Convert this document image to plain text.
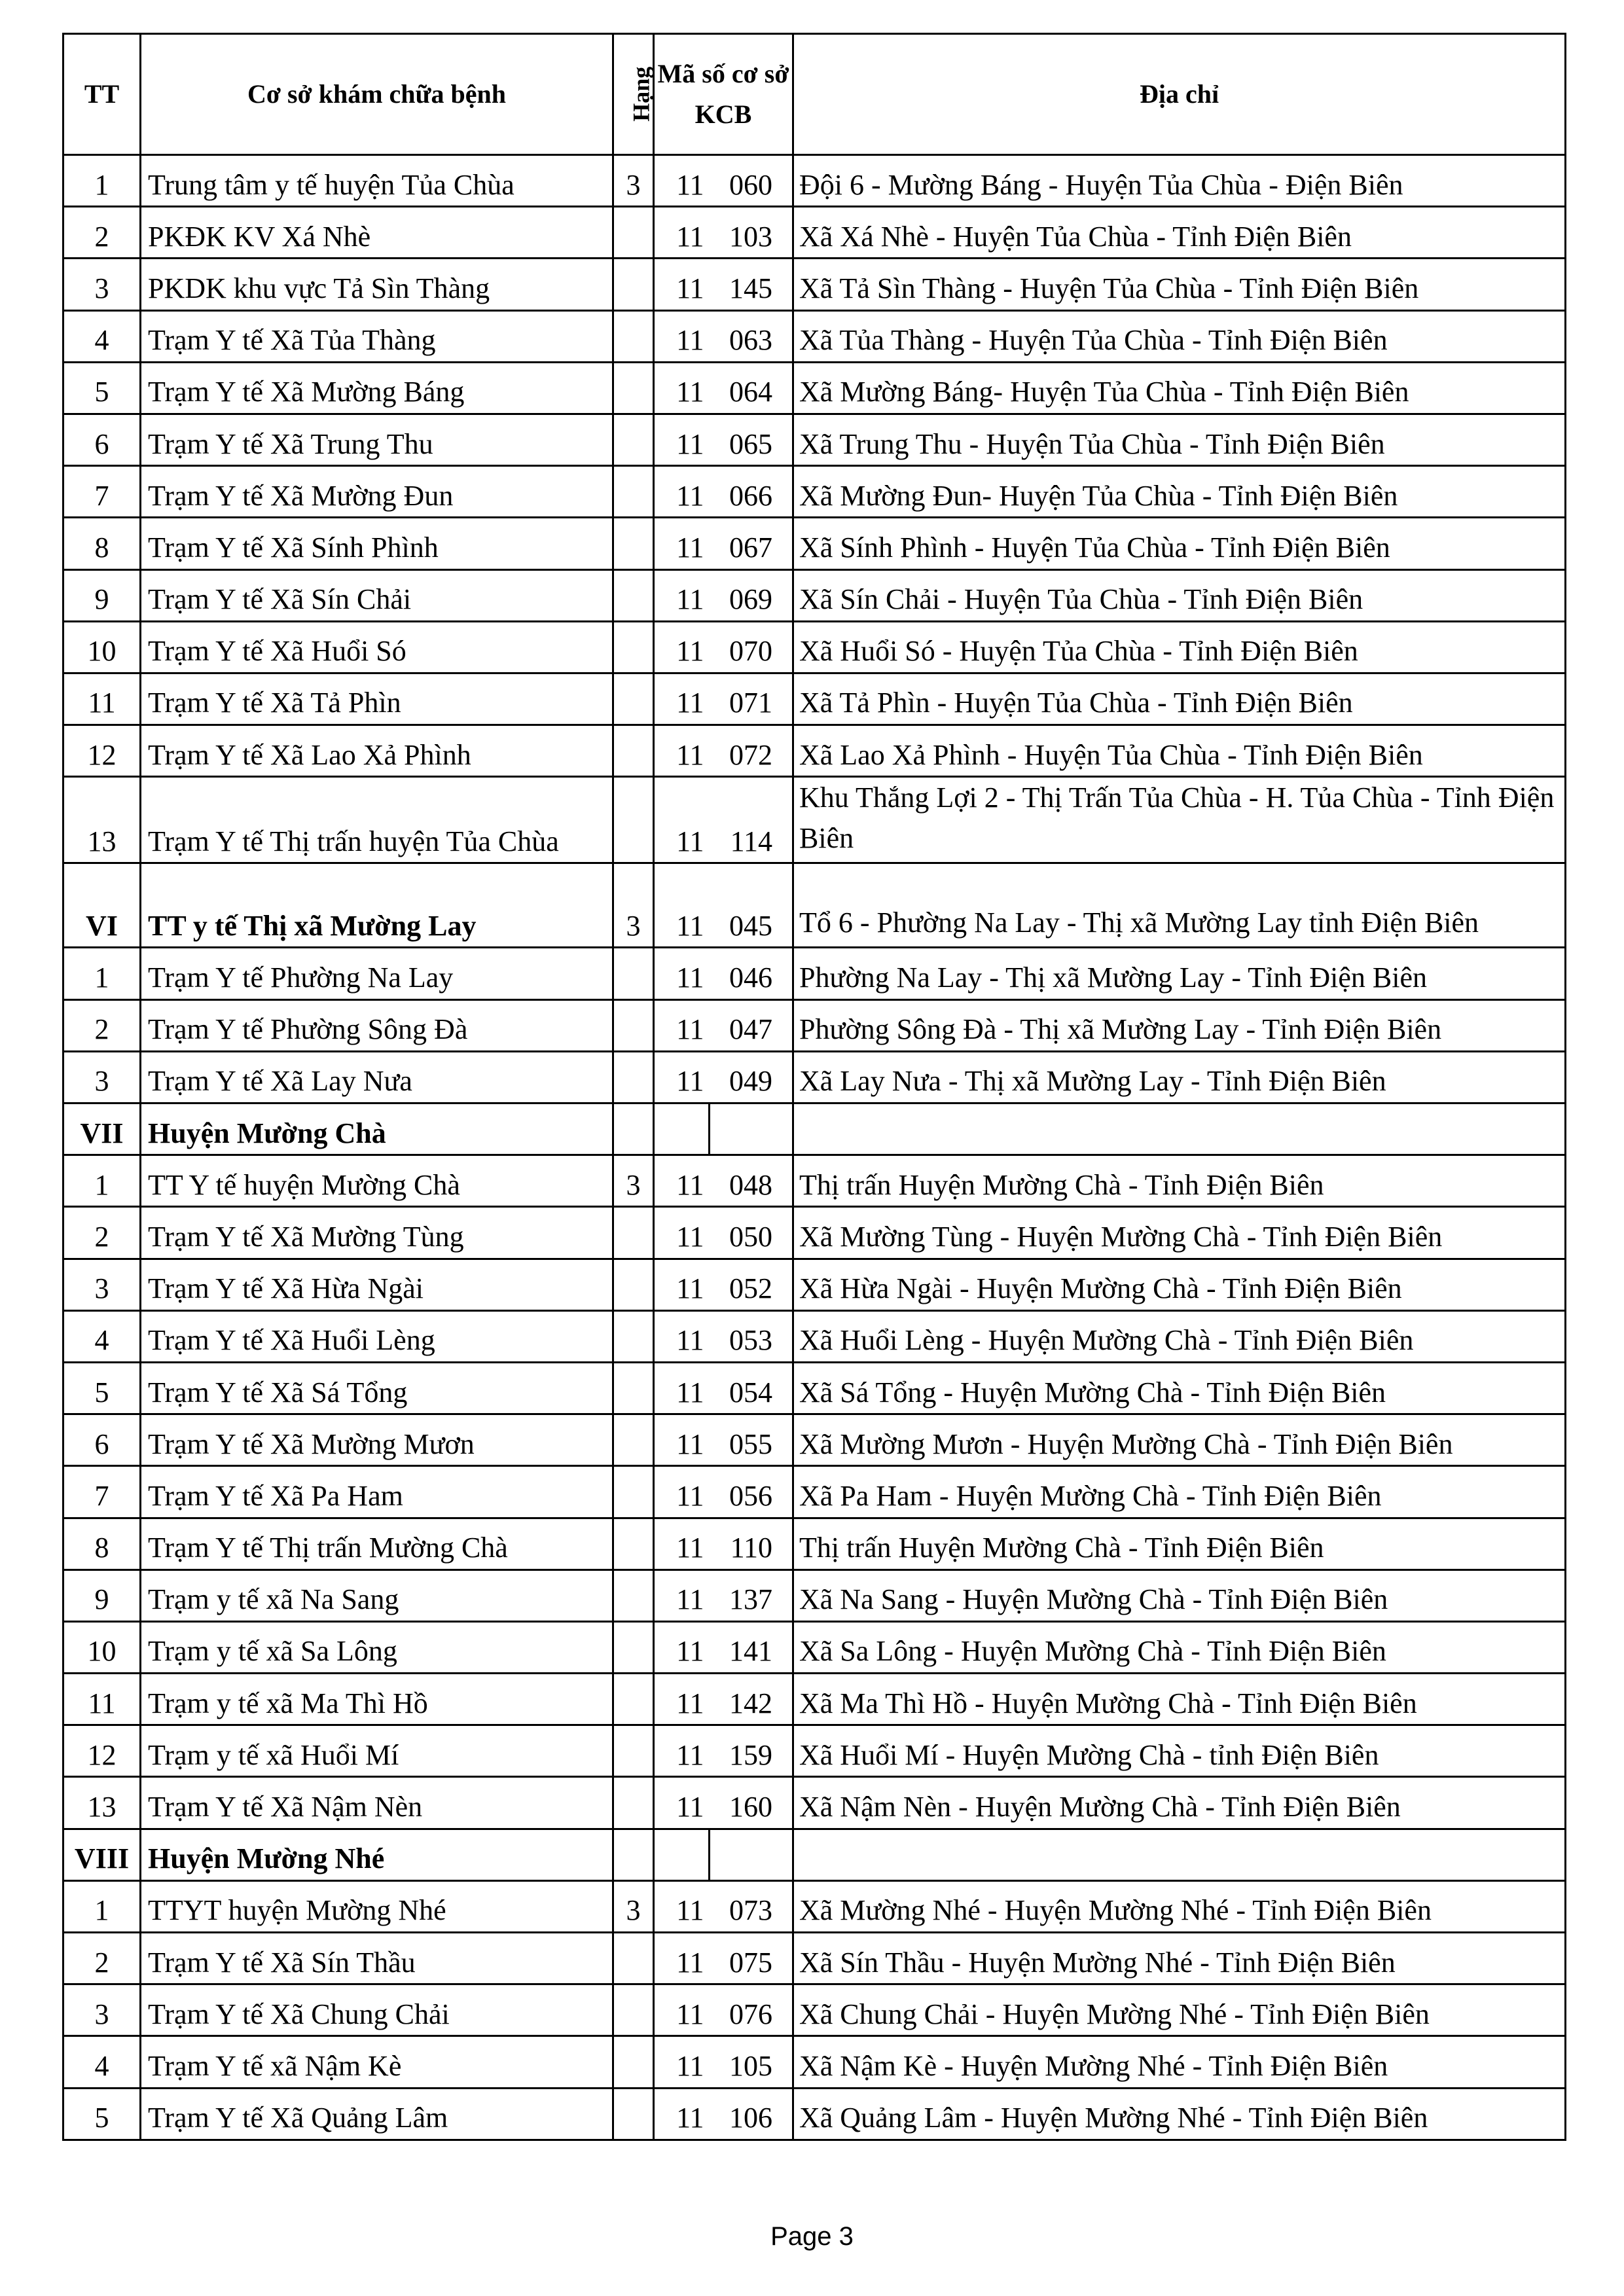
TT	Cơ sở khám chữa bệnh	Hạng	Mã số cơ sở KCB		Địa chỉ
1	Trung tâm y tế huyện Tủa Chùa	3	11	060	Đội 6 - Mường Báng - Huyện Tủa Chùa - Điện Biên
2	PKĐK KV Xá Nhè		11	103	Xã Xá Nhè - Huyện Tủa Chùa - Tỉnh Điện Biên
3	PKDK khu vực Tả Sìn Thàng		11	145	Xã Tả Sìn Thàng - Huyện Tủa Chùa - Tỉnh Điện Biên
4	Trạm Y tế Xã Tủa Thàng		11	063	Xã Tủa Thàng - Huyện Tủa Chùa - Tỉnh Điện Biên
5	Trạm Y tế Xã Mường Báng		11	064	Xã Mường Báng- Huyện Tủa Chùa - Tỉnh Điện Biên
6	Trạm Y tế Xã Trung Thu		11	065	Xã Trung Thu - Huyện Tủa Chùa - Tỉnh Điện Biên
7	Trạm Y tế Xã Mường Đun		11	066	Xã Mường Đun- Huyện Tủa Chùa - Tỉnh Điện Biên
8	Trạm Y tế Xã Sính Phình		11	067	Xã Sính Phình - Huyện Tủa Chùa - Tỉnh Điện Biên
9	Trạm Y tế Xã Sín Chải		11	069	Xã Sín Chải - Huyện Tủa Chùa - Tỉnh Điện Biên
10	Trạm Y tế Xã Huổi Só		11	070	Xã Huổi Só - Huyện Tủa Chùa - Tỉnh Điện Biên
11	Trạm Y tế Xã Tả Phìn		11	071	Xã Tả Phìn - Huyện Tủa Chùa - Tỉnh Điện Biên
12	Trạm Y tế Xã Lao Xả Phình		11	072	Xã Lao Xả Phình - Huyện Tủa Chùa - Tỉnh Điện Biên
13	Trạm Y tế Thị trấn huyện Tủa Chùa		11	114	Khu Thắng Lợi 2 - Thị Trấn Tủa Chùa - H. Tủa Chùa - Tỉnh Điện Biên
VI	TT y tế Thị xã Mường Lay	3	11	045	Tổ 6 - Phường Na Lay - Thị xã Mường Lay tỉnh Điện Biên
1	Trạm Y tế Phường Na Lay		11	046	Phường Na Lay - Thị xã Mường Lay - Tỉnh Điện Biên
2	Trạm Y tế Phường Sông Đà		11	047	Phường Sông Đà - Thị xã Mường Lay - Tỉnh Điện Biên
3	Trạm Y tế Xã Lay Nưa		11	049	Xã Lay Nưa - Thị xã Mường Lay - Tỉnh Điện Biên
VII	Huyện Mường Chà				
1	TT Y tế huyện Mường Chà	3	11	048	Thị trấn Huyện Mường Chà - Tỉnh Điện Biên
2	Trạm Y tế Xã Mường Tùng		11	050	Xã Mường Tùng - Huyện Mường Chà - Tỉnh Điện Biên
3	Trạm Y tế Xã Hừa Ngài		11	052	Xã Hừa Ngài - Huyện Mường Chà - Tỉnh Điện Biên
4	Trạm Y tế Xã Huổi Lèng		11	053	Xã Huổi Lèng - Huyện Mường Chà - Tỉnh Điện Biên
5	Trạm Y tế Xã Sá Tổng		11	054	Xã Sá Tổng - Huyện Mường Chà - Tỉnh Điện Biên
6	Trạm Y tế Xã Mường Mươn		11	055	Xã Mường Mươn - Huyện Mường Chà - Tỉnh Điện Biên
7	Trạm Y tế Xã Pa Ham		11	056	Xã Pa Ham - Huyện Mường Chà - Tỉnh Điện Biên
8	Trạm Y tế Thị trấn Mường Chà		11	110	Thị trấn Huyện Mường Chà - Tỉnh Điện Biên
9	Trạm y tế xã Na Sang		11	137	Xã Na Sang - Huyện Mường Chà - Tỉnh Điện Biên
10	Trạm y tế xã Sa Lông		11	141	Xã Sa Lông - Huyện Mường Chà - Tỉnh Điện Biên
11	Trạm y tế xã Ma Thì Hồ		11	142	Xã Ma Thì Hồ - Huyện Mường Chà - Tỉnh Điện Biên
12	Trạm y tế xã Huổi Mí		11	159	Xã Huổi Mí - Huyện Mường Chà - tỉnh Điện Biên
13	Trạm Y tế Xã Nậm Nèn		11	160	Xã Nậm Nèn - Huyện Mường Chà - Tỉnh Điện Biên
VIII	Huyện Mường Nhé				
1	TTYT huyện Mường Nhé	3	11	073	Xã Mường Nhé - Huyện Mường Nhé - Tỉnh Điện Biên
2	Trạm Y tế Xã Sín Thầu		11	075	Xã Sín Thầu - Huyện Mường Nhé - Tỉnh Điện Biên
3	Trạm Y tế Xã Chung Chải		11	076	Xã Chung Chải - Huyện Mường Nhé - Tỉnh Điện Biên
4	Trạm Y tế xã Nậm Kè		11	105	Xã Nậm Kè - Huyện Mường Nhé - Tỉnh Điện Biên
5	Trạm Y tế Xã Quảng Lâm		11	106	Xã Quảng Lâm - Huyện Mường Nhé - Tỉnh Điện Biên
Page 3
